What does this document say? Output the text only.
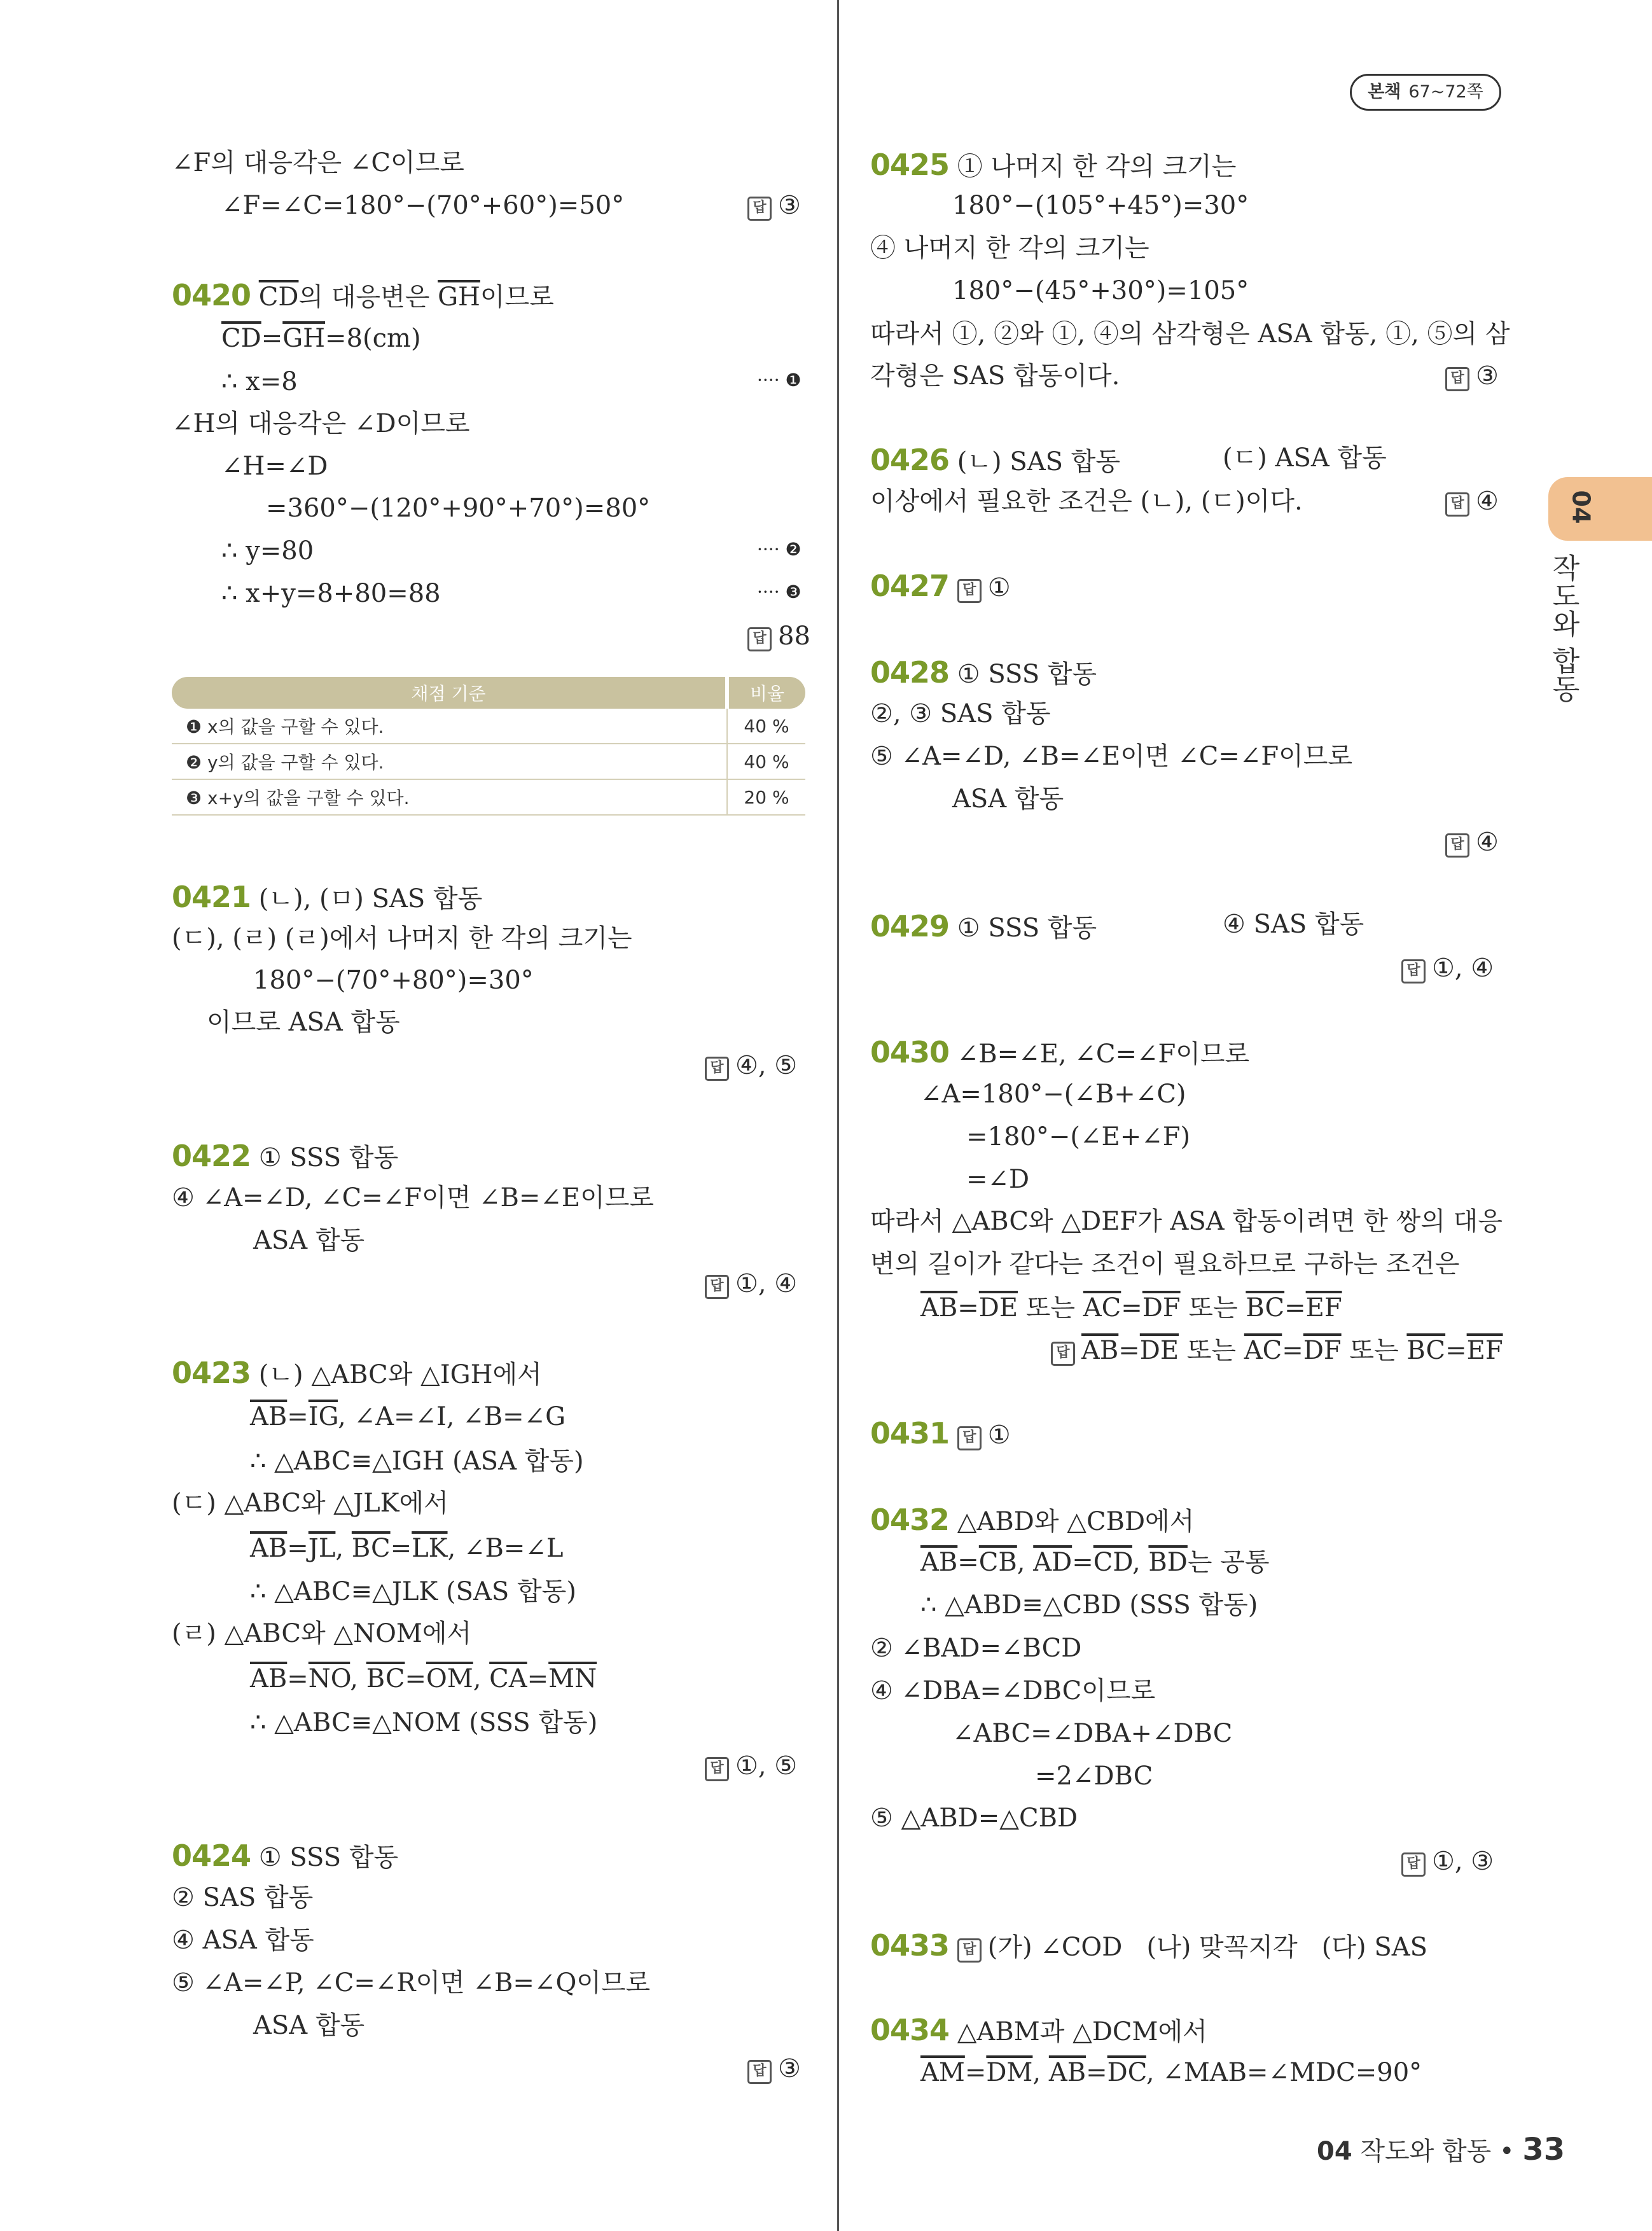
본책 67~72쪽
04
작도와 합동
∠F의 대응각은 ∠C이므로
∠F=∠C=180°−(70°+60°)=50°	답 ③
0420 $\overline{CD}$의 대응변은 $\overline{GH}$이므로
$\overline{CD}=\overline{GH}=8(cm)$
∴ x=8	···· ❶
∠H의 대응각은 ∠D이므로
∠H=∠D
=360°−(120°+90°+70°)=80°
∴ y=80	···· ❷
∴ x+y=8+80=88	···· ❸
답 88
채점 기준	비율
❶ x의 값을 구할 수 있다.	40 %
❷ y의 값을 구할 수 있다.	40 %
❸ x+y의 값을 구할 수 있다.	20 %
0421 (ㄴ), (ㅁ) SAS 합동
(ㄷ), (ㄹ) (ㄹ)에서 나머지 한 각의 크기는
180°−(70°+80°)=30°
이므로 ASA 합동
답 ④, ⑤
0422 ① SSS 합동
④ ∠A=∠D, ∠C=∠F이면 ∠B=∠E이므로
ASA 합동
답 ①, ④
0423 (ㄴ) △ABC와 △IGH에서
$\overline{AB}=\overline{IG}$, ∠A=∠I, ∠B=∠G
∴ △ABC≡△IGH (ASA 합동)
(ㄷ) △ABC와 △JLK에서
$\overline{AB}=\overline{JL}$, $\overline{BC}=\overline{LK}$, ∠B=∠L
∴ △ABC≡△JLK (SAS 합동)
(ㄹ) △ABC와 △NOM에서
$\overline{AB}=\overline{NO}$, $\overline{BC}=\overline{OM}$, $\overline{CA}=\overline{MN}$
∴ △ABC≡△NOM (SSS 합동)
답 ①, ⑤
0424 ① SSS 합동
② SAS 합동
④ ASA 합동
⑤ ∠A=∠P, ∠C=∠R이면 ∠B=∠Q이므로
ASA 합동
답 ③
0425 ① 나머지 한 각의 크기는
180°−(105°+45°)=30°
④ 나머지 한 각의 크기는
180°−(45°+30°)=105°
따라서 ①, ②와 ①, ④의 삼각형은 ASA 합동, ①, ⑤의 삼
각형은 SAS 합동이다.	답 ③
0426 (ㄴ) SAS 합동	(ㄷ) ASA 합동
이상에서 필요한 조건은 (ㄴ), (ㄷ)이다.	답 ④
0427 답 ①
0428 ① SSS 합동
②, ③ SAS 합동
⑤ ∠A=∠D, ∠B=∠E이면 ∠C=∠F이므로
ASA 합동
답 ④
0429 ① SSS 합동	④ SAS 합동
답 ①, ④
0430 ∠B=∠E, ∠C=∠F이므로
∠A=180°−(∠B+∠C)
=180°−(∠E+∠F)
=∠D
따라서 △ABC와 △DEF가 ASA 합동이려면 한 쌍의 대응
변의 길이가 같다는 조건이 필요하므로 구하는 조건은
$\overline{AB}=\overline{DE}$ 또는 $\overline{AC}=\overline{DF}$ 또는 $\overline{BC}=\overline{EF}$
답 $\overline{AB}=\overline{DE}$ 또는 $\overline{AC}=\overline{DF}$ 또는 $\overline{BC}=\overline{EF}$
0431 답 ①
0432 △ABD와 △CBD에서
$\overline{AB}=\overline{CB}$, $\overline{AD}=\overline{CD}$, $\overline{BD}$는 공통
∴ △ABD≡△CBD (SSS 합동)
② ∠BAD=∠BCD
④ ∠DBA=∠DBC이므로
∠ABC=∠DBA+∠DBC
=2∠DBC
⑤ △ABD=△CBD
답 ①, ③
0433 답 (가) ∠COD (나) 맞꼭지각 (다) SAS
0434 △ABM과 △DCM에서
$\overline{AM}=\overline{DM}$, $\overline{AB}=\overline{DC}$, ∠MAB=∠MDC=90°
04 작도와 합동 • 33
